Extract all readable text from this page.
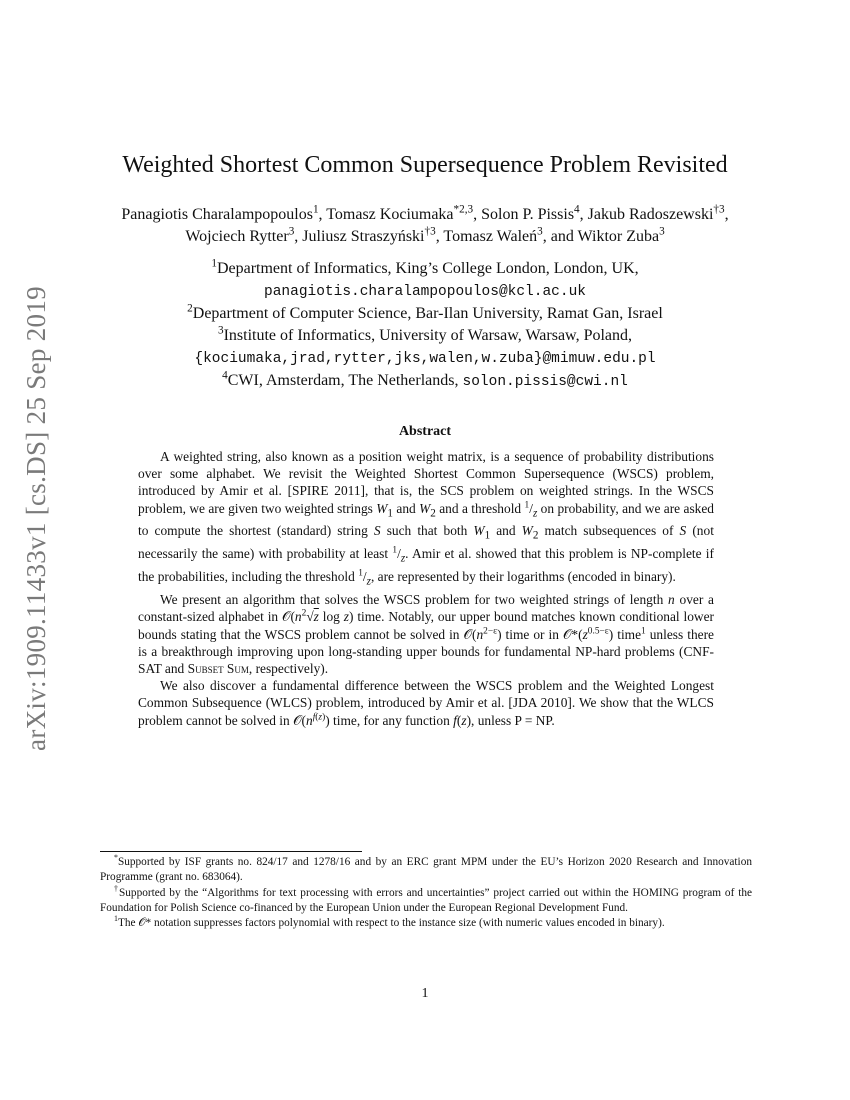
arXiv:1909.11433v1 [cs.DS] 25 Sep 2019
Weighted Shortest Common Supersequence Problem Revisited
Panagiotis Charalampopoulos$^1$, Tomasz Kociumaka$^{*2,3}$, Solon P. Pissis$^4$, Jakub Radoszewski$^{\dagger 3}$, Wojciech Rytter$^3$, Juliusz Straszyński$^{\dagger 3}$, Tomasz Waleń$^3$, and Wiktor Zuba$^3$
$^1$Department of Informatics, King’s College London, London, UK,
panagiotis.charalampopoulos@kcl.ac.uk
$^2$Department of Computer Science, Bar-Ilan University, Ramat Gan, Israel
$^3$Institute of Informatics, University of Warsaw, Warsaw, Poland,
{kociumaka,jrad,rytter,jks,walen,w.zuba}@mimuw.edu.pl
$^4$CWI, Amsterdam, The Netherlands, solon.pissis@cwi.nl
Abstract

A weighted string, also known as a position weight matrix, is a sequence of probability distributions over some alphabet. We revisit the Weighted Shortest Common Supersequence (WSCS) problem, introduced by Amir et al. [SPIRE 2011], that is, the SCS problem on weighted strings. In the WSCS problem, we are given two weighted strings $W_1$ and $W_2$ and a threshold $^1/_z$ on probability, and we are asked to compute the shortest (standard) string S such that both $W_1$ and $W_2$ match subsequences of S (not necessarily the same) with probability at least $^1/_z$. Amir et al. showed that this problem is NP-complete if the probabilities, including the threshold $^1/_z$, are represented by their logarithms (encoded in binary).

We present an algorithm that solves the WSCS problem for two weighted strings of length n over a constant-sized alphabet in $𝒪(n^2√z$ log z) time. Notably, our upper bound matches known conditional lower bounds stating that the WSCS problem cannot be solved in $𝒪(n^{2-\varepsilon})$ time or in $𝒪*(z^{0.5-\varepsilon})$ time$^1$ unless there is a breakthrough improving upon long-standing upper bounds for fundamental NP-hard problems (CNF-SAT and Subset Sum, respectively).

We also discover a fundamental difference between the WSCS problem and the Weighted Longest Common Subsequence (WLCS) problem, introduced by Amir et al. [JDA 2010]. We show that the WLCS problem cannot be solved in $𝒪(n^{f(z)})$ time, for any function f(z), unless P = NP.

*Supported by ISF grants no. 824/17 and 1278/16 and by an ERC grant MPM under the EU’s Horizon 2020 Research and Innovation Programme (grant no. 683064).

†Supported by the “Algorithms for text processing with errors and uncertainties” project carried out within the HOMING program of the Foundation for Polish Science co-financed by the European Union under the European Regional Development Fund.

$^1$The 𝒪* notation suppresses factors polynomial with respect to the instance size (with numeric values encoded in binary).

1
